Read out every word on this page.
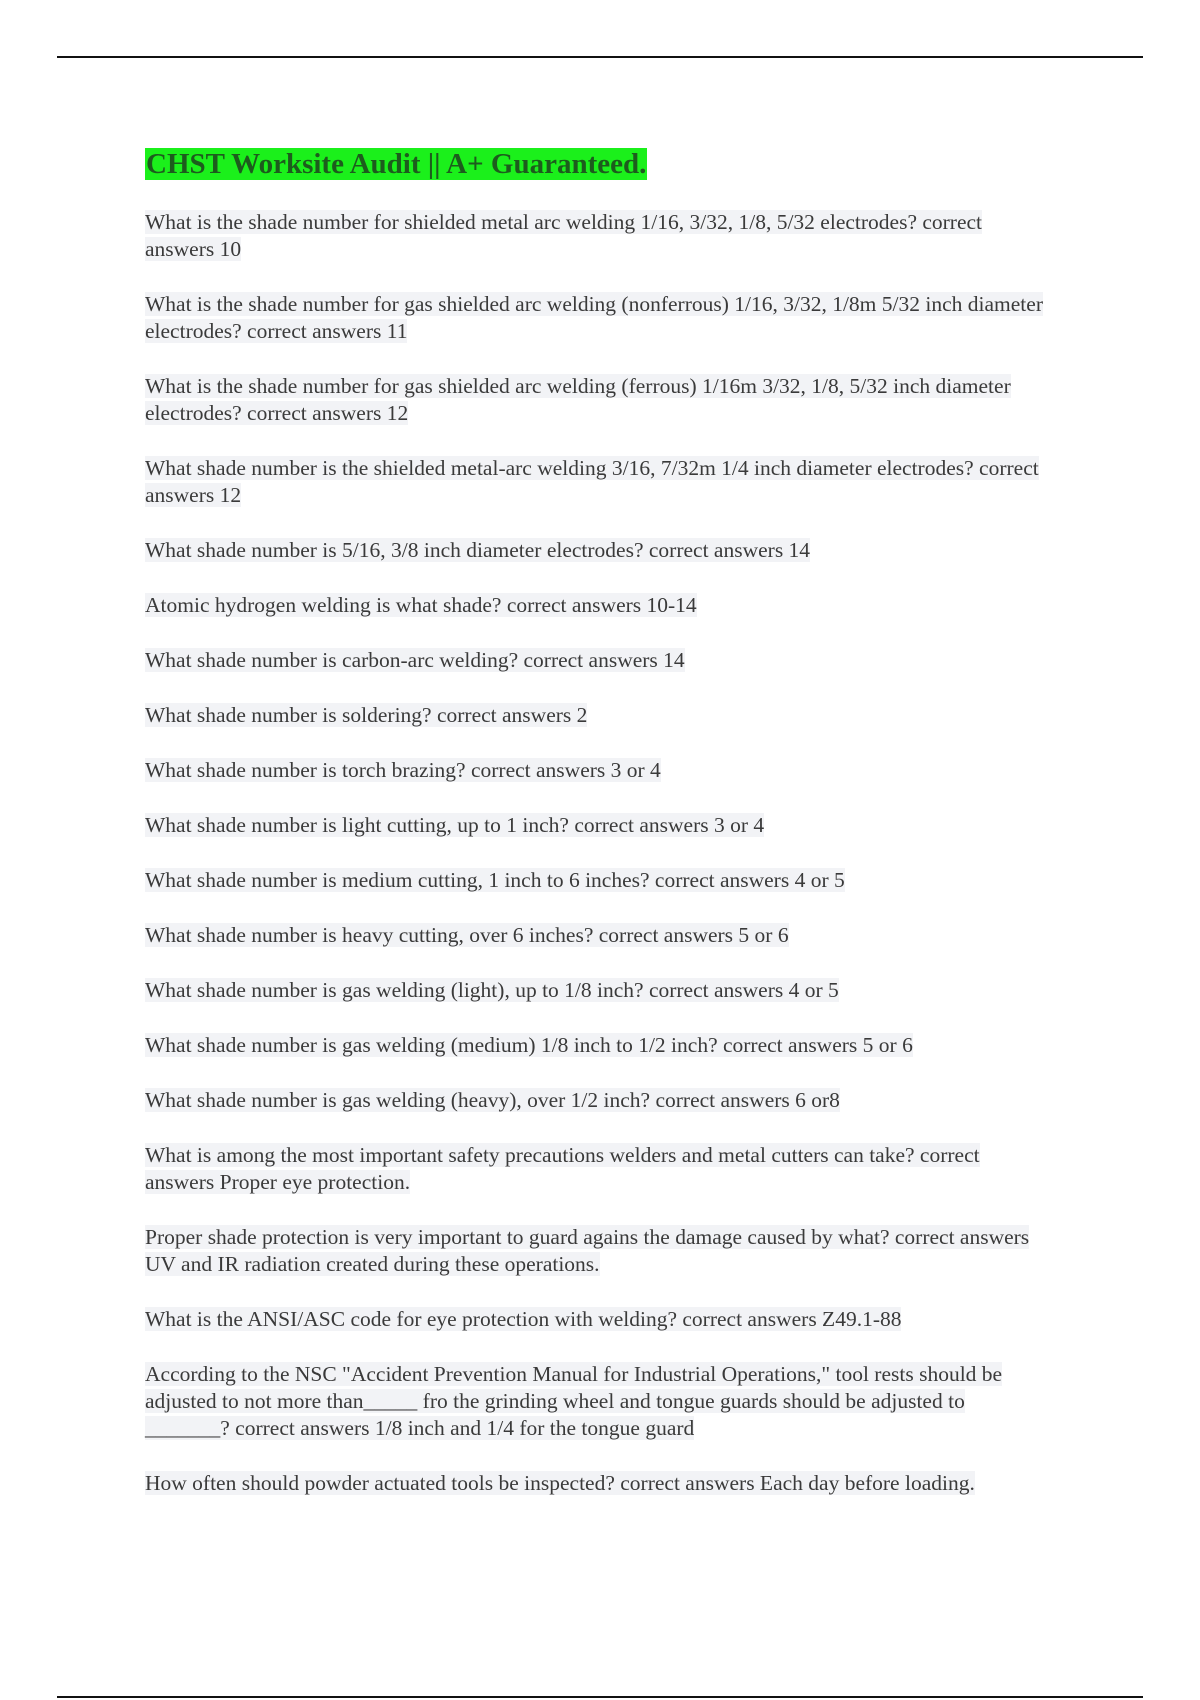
CHST Worksite Audit || A+ Guaranteed.
What is the shade number for shielded metal arc welding 1/16, 3/32, 1/8, 5/32 electrodes? correct answers 10
What is the shade number for gas shielded arc welding (nonferrous) 1/16, 3/32, 1/8m 5/32 inch diameter electrodes? correct answers 11
What is the shade number for gas shielded arc welding (ferrous) 1/16m 3/32, 1/8, 5/32 inch diameter electrodes? correct answers 12
What shade number is the shielded metal-arc welding 3/16, 7/32m 1/4 inch diameter electrodes? correct answers 12
What shade number is 5/16, 3/8 inch diameter electrodes? correct answers 14
Atomic hydrogen welding is what shade? correct answers 10-14
What shade number is carbon-arc welding? correct answers 14
What shade number is soldering? correct answers 2
What shade number is torch brazing? correct answers 3 or 4
What shade number is light cutting, up to 1 inch? correct answers 3 or 4
What shade number is medium cutting, 1 inch to 6 inches? correct answers 4 or 5
What shade number is heavy cutting, over 6 inches? correct answers 5 or 6
What shade number is gas welding (light), up to 1/8 inch? correct answers 4 or 5
What shade number is gas welding (medium) 1/8 inch to 1/2 inch? correct answers 5 or 6
What shade number is gas welding (heavy), over 1/2 inch? correct answers 6 or8
What is among the most important safety precautions welders and metal cutters can take? correct answers Proper eye protection.
Proper shade protection is very important to guard agains the damage caused by what? correct answers UV and IR radiation created during these operations.
What is the ANSI/ASC code for eye protection with welding? correct answers Z49.1-88
According to the NSC "Accident Prevention Manual for Industrial Operations," tool rests should be adjusted to not more than_____ fro the grinding wheel and tongue guards should be adjusted to _______? correct answers 1/8 inch and 1/4 for the tongue guard
How often should powder actuated tools be inspected? correct answers Each day before loading.
